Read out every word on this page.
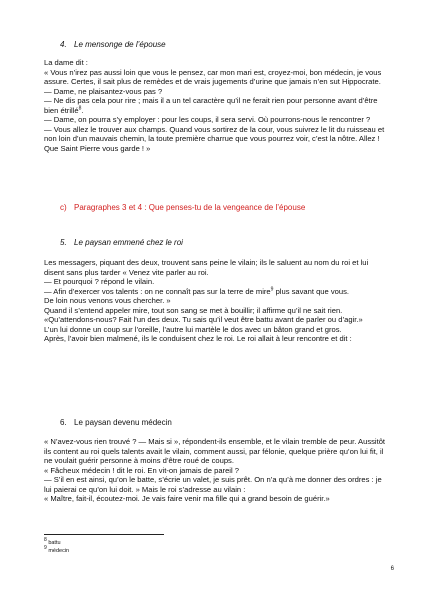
4. Le mensonge de l’épouse

La dame dit :

« Vous n’irez pas aussi loin que vous le pensez, car mon mari est, croyez-moi, bon médecin, je vous assure. Certes, il sait plus de remèdes et de vrais jugements d’urine que jamais n’en sut Hippocrate.
— Dame, ne plaisantez-vous pas ?
— Ne dis pas cela pour rire ; mais il a un tel caractère qu’il ne ferait rien pour personne avant d’être bien étrillé$^8$.
— Dame, on pourra s’y employer : pour les coups, il sera servi. Où pourrons-nous le rencontrer ?
— Vous allez le trouver aux champs. Quand vous sortirez de la cour, vous suivrez le lit du ruisseau et non loin d’un mauvais chemin, la toute première charrue que vous pourrez voir, c’est la nôtre. Allez ! Que Saint Pierre vous garde ! »

c) Paragraphes 3 et 4 : Que penses-tu de la vengeance de l’épouse
5. Le paysan emmené chez le roi

Les messagers, piquant des deux, trouvent sans peine le vilain; ils le saluent au nom du roi et lui disent sans plus tarder « Venez vite parler au roi.
— Et pourquoi ? répond le vilain.
— Afin d’exercer vos talents : on ne connaît pas sur la terre de mire$^9$ plus savant que vous.
De loin nous venons vous chercher. »
Quand il s’entend appeler mire, tout son sang se met à bouillir; il affirme qu’il ne sait rien.
«Qu’attendons-nous? Fait l’un des deux. Tu sais qu’il veut être battu avant de parler ou d’agir.»
L’un lui donne un coup sur l’oreille, l’autre lui martèle le dos avec un bâton grand et gros.
Après, l’avoir bien malmené, ils le conduisent chez le roi. Le roi allait à leur rencontre et dit :

6. Le paysan devenu médecin

« N’avez-vous rien trouvé ? — Mais si », répondent-ils ensemble, et le vilain tremble de peur. Aussitôt ils content au roi quels talents avait le vilain, comment aussi, par félonie, quelque prière qu’on lui fit, il ne voulait guérir personne à moins d’être roué de coups.
« Fâcheux médecin ! dit le roi. En vit-on jamais de pareil ?
— S’il en est ainsi, qu’on le batte, s’écrie un valet, je suis prêt. On n’a qu’à me donner des ordres : je lui paierai ce qu’on lui doit. » Mais le roi s’adresse au vilain :
« Maître, fait-il, écoutez-moi. Je vais faire venir ma fille qui a grand besoin de guérir.»

$^8$ battu
$^9$ médecin
6
